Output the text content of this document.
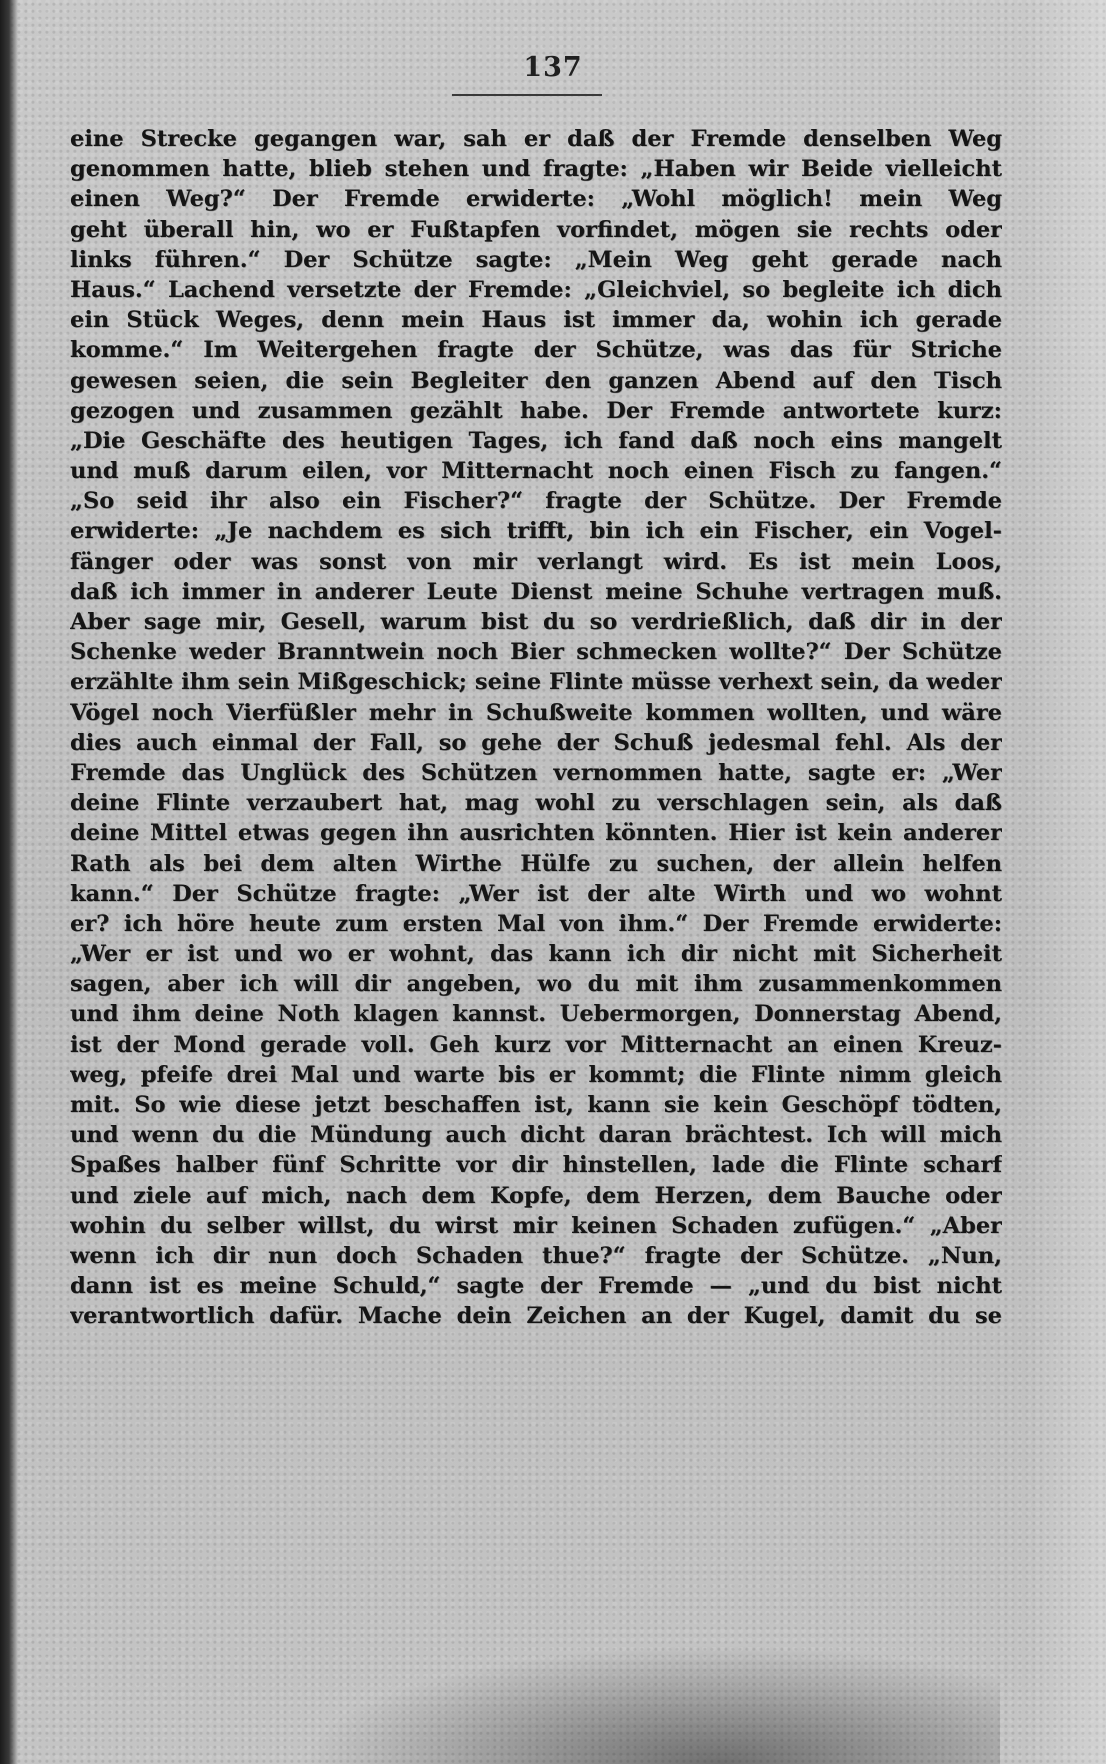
137
eine Strecke gegangen war, sah er daß der Fremde denselben Weg
genommen hatte, blieb stehen und fragte: „Haben wir Beide vielleicht
einen Weg?“ Der Fremde erwiderte: „Wohl möglich! mein Weg
geht überall hin, wo er Fußtapfen vorfindet, mögen sie rechts oder
links führen.“ Der Schütze sagte: „Mein Weg geht gerade nach
Haus.“ Lachend versetzte der Fremde: „Gleichviel, so begleite ich dich
ein Stück Weges, denn mein Haus ist immer da, wohin ich gerade
komme.“ Im Weitergehen fragte der Schütze, was das für Striche
gewesen seien, die sein Begleiter den ganzen Abend auf den Tisch
gezogen und zusammen gezählt habe. Der Fremde antwortete kurz:
„Die Geschäfte des heutigen Tages, ich fand daß noch eins mangelt
und muß darum eilen, vor Mitternacht noch einen Fisch zu fangen.“
„So seid ihr also ein Fischer?“ fragte der Schütze. Der Fremde
erwiderte: „Je nachdem es sich trifft, bin ich ein Fischer, ein Vogel-
fänger oder was sonst von mir verlangt wird. Es ist mein Loos,
daß ich immer in anderer Leute Dienst meine Schuhe vertragen muß.
Aber sage mir, Gesell, warum bist du so verdrießlich, daß dir in der
Schenke weder Branntwein noch Bier schmecken wollte?“ Der Schütze
erzählte ihm sein Mißgeschick; seine Flinte müsse verhext sein, da weder
Vögel noch Vierfüßler mehr in Schußweite kommen wollten, und wäre
dies auch einmal der Fall, so gehe der Schuß jedesmal fehl. Als der
Fremde das Unglück des Schützen vernommen hatte, sagte er: „Wer
deine Flinte verzaubert hat, mag wohl zu verschlagen sein, als daß
deine Mittel etwas gegen ihn ausrichten könnten. Hier ist kein anderer
Rath als bei dem alten Wirthe Hülfe zu suchen, der allein helfen
kann.“ Der Schütze fragte: „Wer ist der alte Wirth und wo wohnt
er? ich höre heute zum ersten Mal von ihm.“ Der Fremde erwiderte:
„Wer er ist und wo er wohnt, das kann ich dir nicht mit Sicherheit
sagen, aber ich will dir angeben, wo du mit ihm zusammenkommen
und ihm deine Noth klagen kannst. Uebermorgen, Donnerstag Abend,
ist der Mond gerade voll. Geh kurz vor Mitternacht an einen Kreuz-
weg, pfeife drei Mal und warte bis er kommt; die Flinte nimm gleich
mit. So wie diese jetzt beschaffen ist, kann sie kein Geschöpf tödten,
und wenn du die Mündung auch dicht daran brächtest. Ich will mich
Spaßes halber fünf Schritte vor dir hinstellen, lade die Flinte scharf
und ziele auf mich, nach dem Kopfe, dem Herzen, dem Bauche oder
wohin du selber willst, du wirst mir keinen Schaden zufügen.“ „Aber
wenn ich dir nun doch Schaden thue?“ fragte der Schütze. „Nun,
dann ist es meine Schuld,“ sagte der Fremde — „und du bist nicht
verantwortlich dafür. Mache dein Zeichen an der Kugel, damit du se
